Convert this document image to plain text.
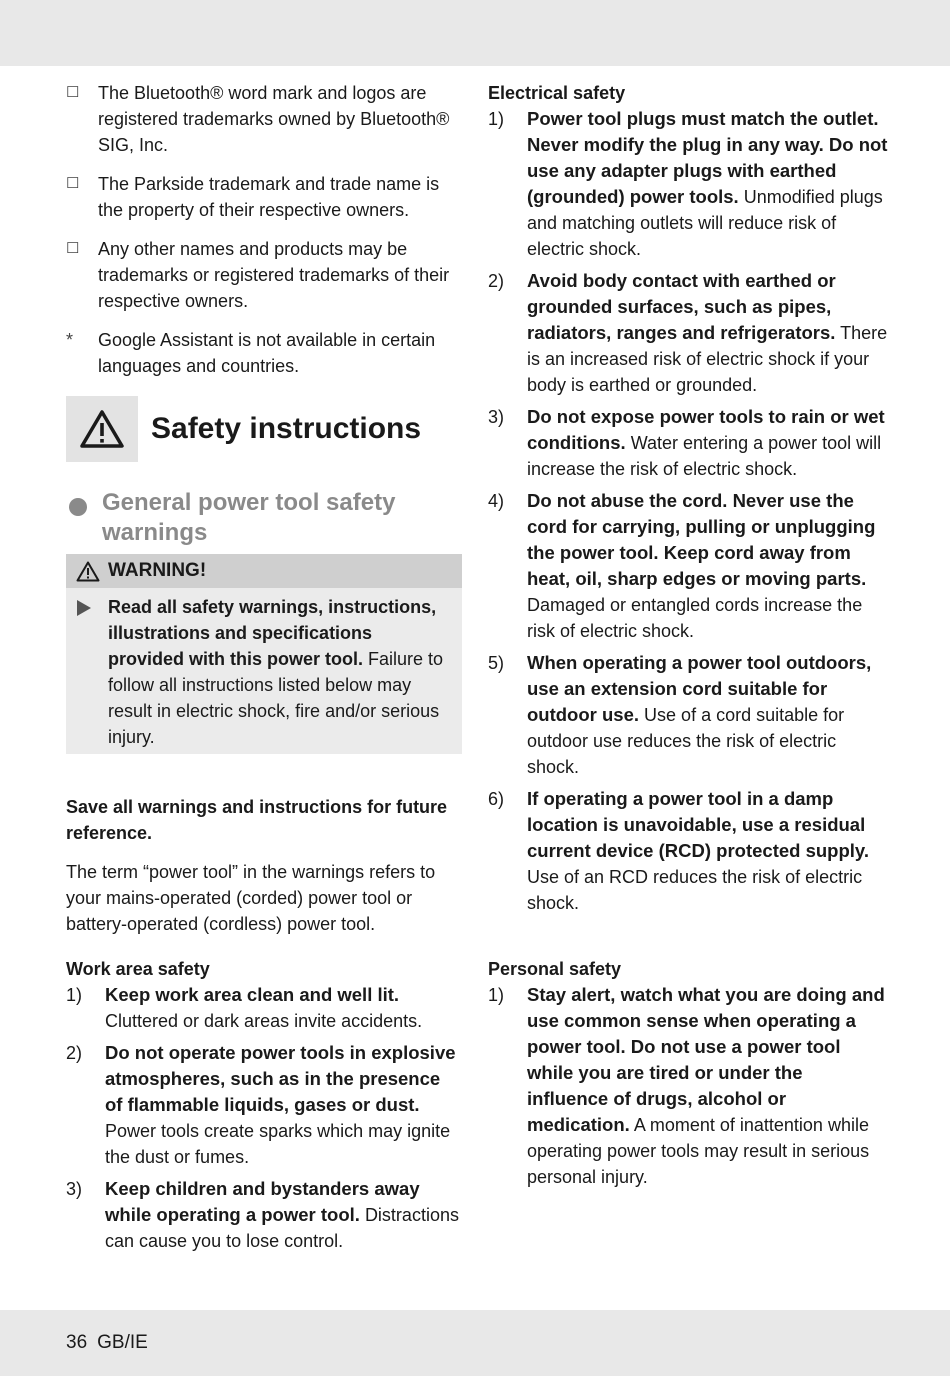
☐	The Bluetooth® word mark and logos are registered trademarks owned by Bluetooth® SIG, Inc.
☐	The Parkside trademark and trade name is the property of their respective owners.
☐	Any other names and products may be trademarks or registered trademarks of their respective owners.
*	Google Assistant is not available in certain languages and countries.
Safety instructions
General power tool safety warnings
WARNING!
Read all safety warnings, instructions, illustrations and specifications provided with this power tool. Failure to follow all instructions listed below may result in electric shock, fire and/or serious injury.
Save all warnings and instructions for future reference.
The term “power tool” in the warnings refers to your mains-operated (corded) power tool or battery-operated (cordless) power tool.
Work area safety
1)	Keep work area clean and well lit. Cluttered or dark areas invite accidents.
2)	Do not operate power tools in explosive atmospheres, such as in the presence of flammable liquids, gases or dust. Power tools create sparks which may ignite the dust or fumes.
3)	Keep children and bystanders away while operating a power tool. Distractions can cause you to lose control.
Electrical safety
1)	Power tool plugs must match the outlet. Never modify the plug in any way. Do not use any adapter plugs with earthed (grounded) power tools. Unmodified plugs and matching outlets will reduce risk of electric shock.
2)	Avoid body contact with earthed or grounded surfaces, such as pipes, radiators, ranges and refrigerators. There is an increased risk of electric shock if your body is earthed or grounded.
3)	Do not expose power tools to rain or wet conditions. Water entering a power tool will increase the risk of electric shock.
4)	Do not abuse the cord. Never use the cord for carrying, pulling or unplugging the power tool. Keep cord away from heat, oil, sharp edges or moving parts. Damaged or entangled cords increase the risk of electric shock.
5)	When operating a power tool outdoors, use an extension cord suitable for outdoor use. Use of a cord suitable for outdoor use reduces the risk of electric shock.
6)	If operating a power tool in a damp location is unavoidable, use a residual current device (RCD) protected supply. Use of an RCD reduces the risk of electric shock.
Personal safety
1)	Stay alert, watch what you are doing and use common sense when operating a power tool. Do not use a power tool while you are tired or under the influence of drugs, alcohol or medication. A moment of inattention while operating power tools may result in serious personal injury.
36 GB/IE
